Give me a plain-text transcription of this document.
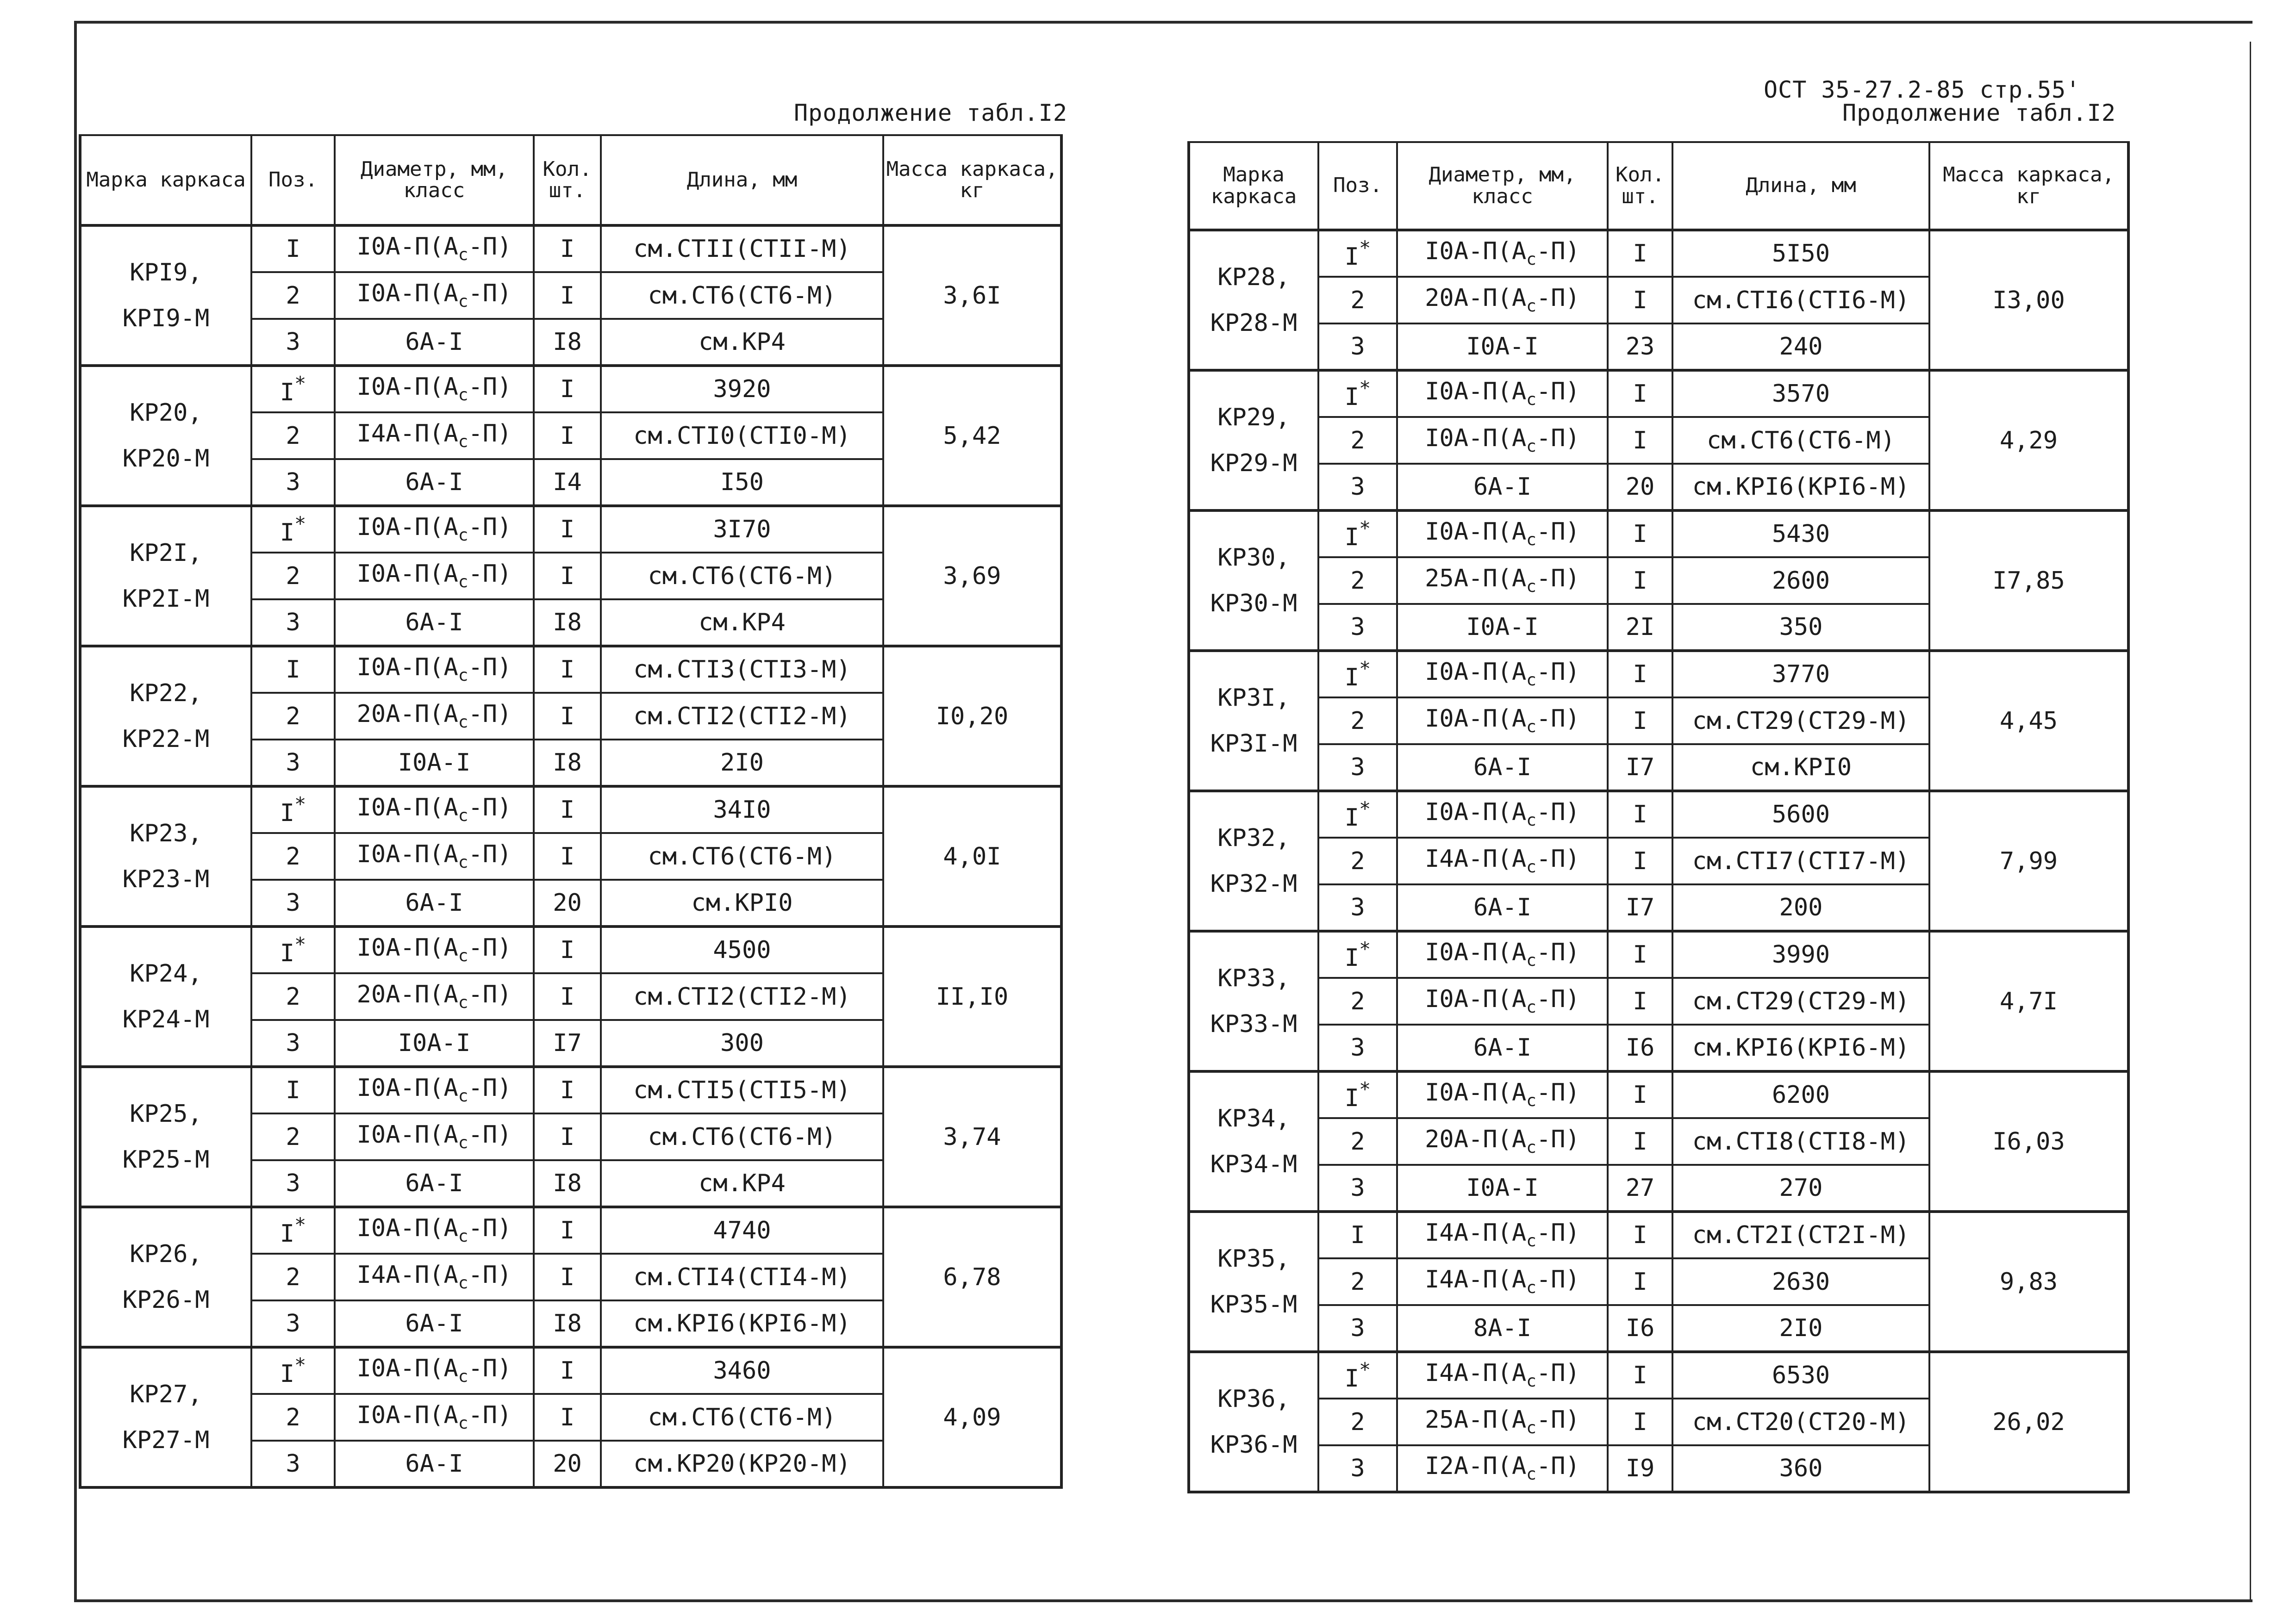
ОСТ 35-27.2-85 стр.55'
Продолжение табл.I2	Продолжение табл.I2
Марка каркаса	Поз.	Диаметр, мм, класс	Кол. шт.	Длина, мм	Масса каркаса, кг

КРI9,
КРI9-М	I	$I0А-П(А_с-П)$	I	см.СТII(СТII-М)	3,6I
	2	$I0А-П(А_с-П)$	I	см.СТ6(СТ6-М)	
	3	6А-I	I8	см.КР4	

КР20,
КР20-М	I*	$I0А-П(А_с-П)$	I	3920	5,42
	2	$I4А-П(А_с-П)$	I	см.СТI0(СТI0-М)	
	3	6А-I	I4	I50	

КР2I,
КР2I-М	I*	$I0А-П(А_с-П)$	I	3I70	3,69
	2	$I0А-П(А_с-П)$	I	см.СТ6(СТ6-М)	
	3	6А-I	I8	см.КР4	

КР22,
КР22-М	I	$I0А-П(А_с-П)$	I	см.СТI3(СТI3-М)	I0,20
	2	$20А-П(А_с-П)$	I	см.СТI2(СТI2-М)	
	3	I0А-I	I8	2I0	

КР23,
КР23-М	I*	$I0А-П(А_с-П)$	I	34I0	4,0I
	2	$I0А-П(А_с-П)$	I	см.СТ6(СТ6-М)	
	3	6А-I	20	см.КРI0	

КР24,
КР24-М	I*	$I0А-П(А_с-П)$	I	4500	II,I0
	2	$20А-П(А_с-П)$	I	см.СТI2(СТI2-М)	
	3	I0А-I	I7	300	

КР25,
КР25-М	I	$I0А-П(А_с-П)$	I	см.СТI5(СТI5-М)	3,74
	2	$I0А-П(А_с-П)$	I	см.СТ6(СТ6-М)	
	3	6А-I	I8	см.КР4	

КР26,
КР26-М	I*	$I0А-П(А_с-П)$	I	4740	6,78
	2	$I4А-П(А_с-П)$	I	см.СТI4(СТI4-М)	
	3	6А-I	I8	см.КРI6(КРI6-М)	

КР27,
КР27-М	I*	$I0А-П(А_с-П)$	I	3460	4,09
	2	$I0А-П(А_с-П)$	I	см.СТ6(СТ6-М)	
	3	6А-I	20	см.КР20(КР20-М)	
Марка каркаса	Поз.	Диаметр, мм, класс	Кол. шт.	Длина, мм	Масса каркаса, кг

КР28,
КР28-М	I*	$I0А-П(А_с-П)$	I	5I50	I3,00
	2	$20А-П(А_с-П)$	I	см.СТI6(СТI6-М)	
	3	I0А-I	23	240	

КР29,
КР29-М	I*	$I0А-П(А_с-П)$	I	3570	4,29
	2	$I0А-П(А_с-П)$	I	см.СТ6(СТ6-М)	
	3	6А-I	20	см.КРI6(КРI6-М)	

КР30,
КР30-М	I*	$I0А-П(А_с-П)$	I	5430	I7,85
	2	$25А-П(А_с-П)$	I	2600	
	3	I0А-I	2I	350	

КР3I,
КР3I-М	I*	$I0А-П(А_с-П)$	I	3770	4,45
	2	$I0А-П(А_с-П)$	I	см.СТ29(СТ29-М)	
	3	6А-I	I7	см.КРI0	

КР32,
КР32-М	I*	$I0А-П(А_с-П)$	I	5600	7,99
	2	$I4А-П(А_с-П)$	I	см.СТI7(СТI7-М)	
	3	6А-I	I7	200	

КР33,
КР33-М	I*	$I0А-П(А_с-П)$	I	3990	4,7I
	2	$I0А-П(А_с-П)$	I	см.СТ29(СТ29-М)	
	3	6А-I	I6	см.КРI6(КРI6-М)	

КР34,
КР34-М	I*	$I0А-П(А_с-П)$	I	6200	I6,03
	2	$20А-П(А_с-П)$	I	см.СТI8(СТI8-М)	
	3	I0А-I	27	270	

КР35,
КР35-М	I	$I4А-П(А_с-П)$	I	см.СТ2I(СТ2I-М)	9,83
	2	$I4А-П(А_с-П)$	I	2630	
	3	8А-I	I6	2I0	

КР36,
КР36-М	I*	$I4А-П(А_с-П)$	I	6530	26,02
	2	$25А-П(А_с-П)$	I	см.СТ20(СТ20-М)	
	3	$I2А-П(А_с-П)$	I9	360	
